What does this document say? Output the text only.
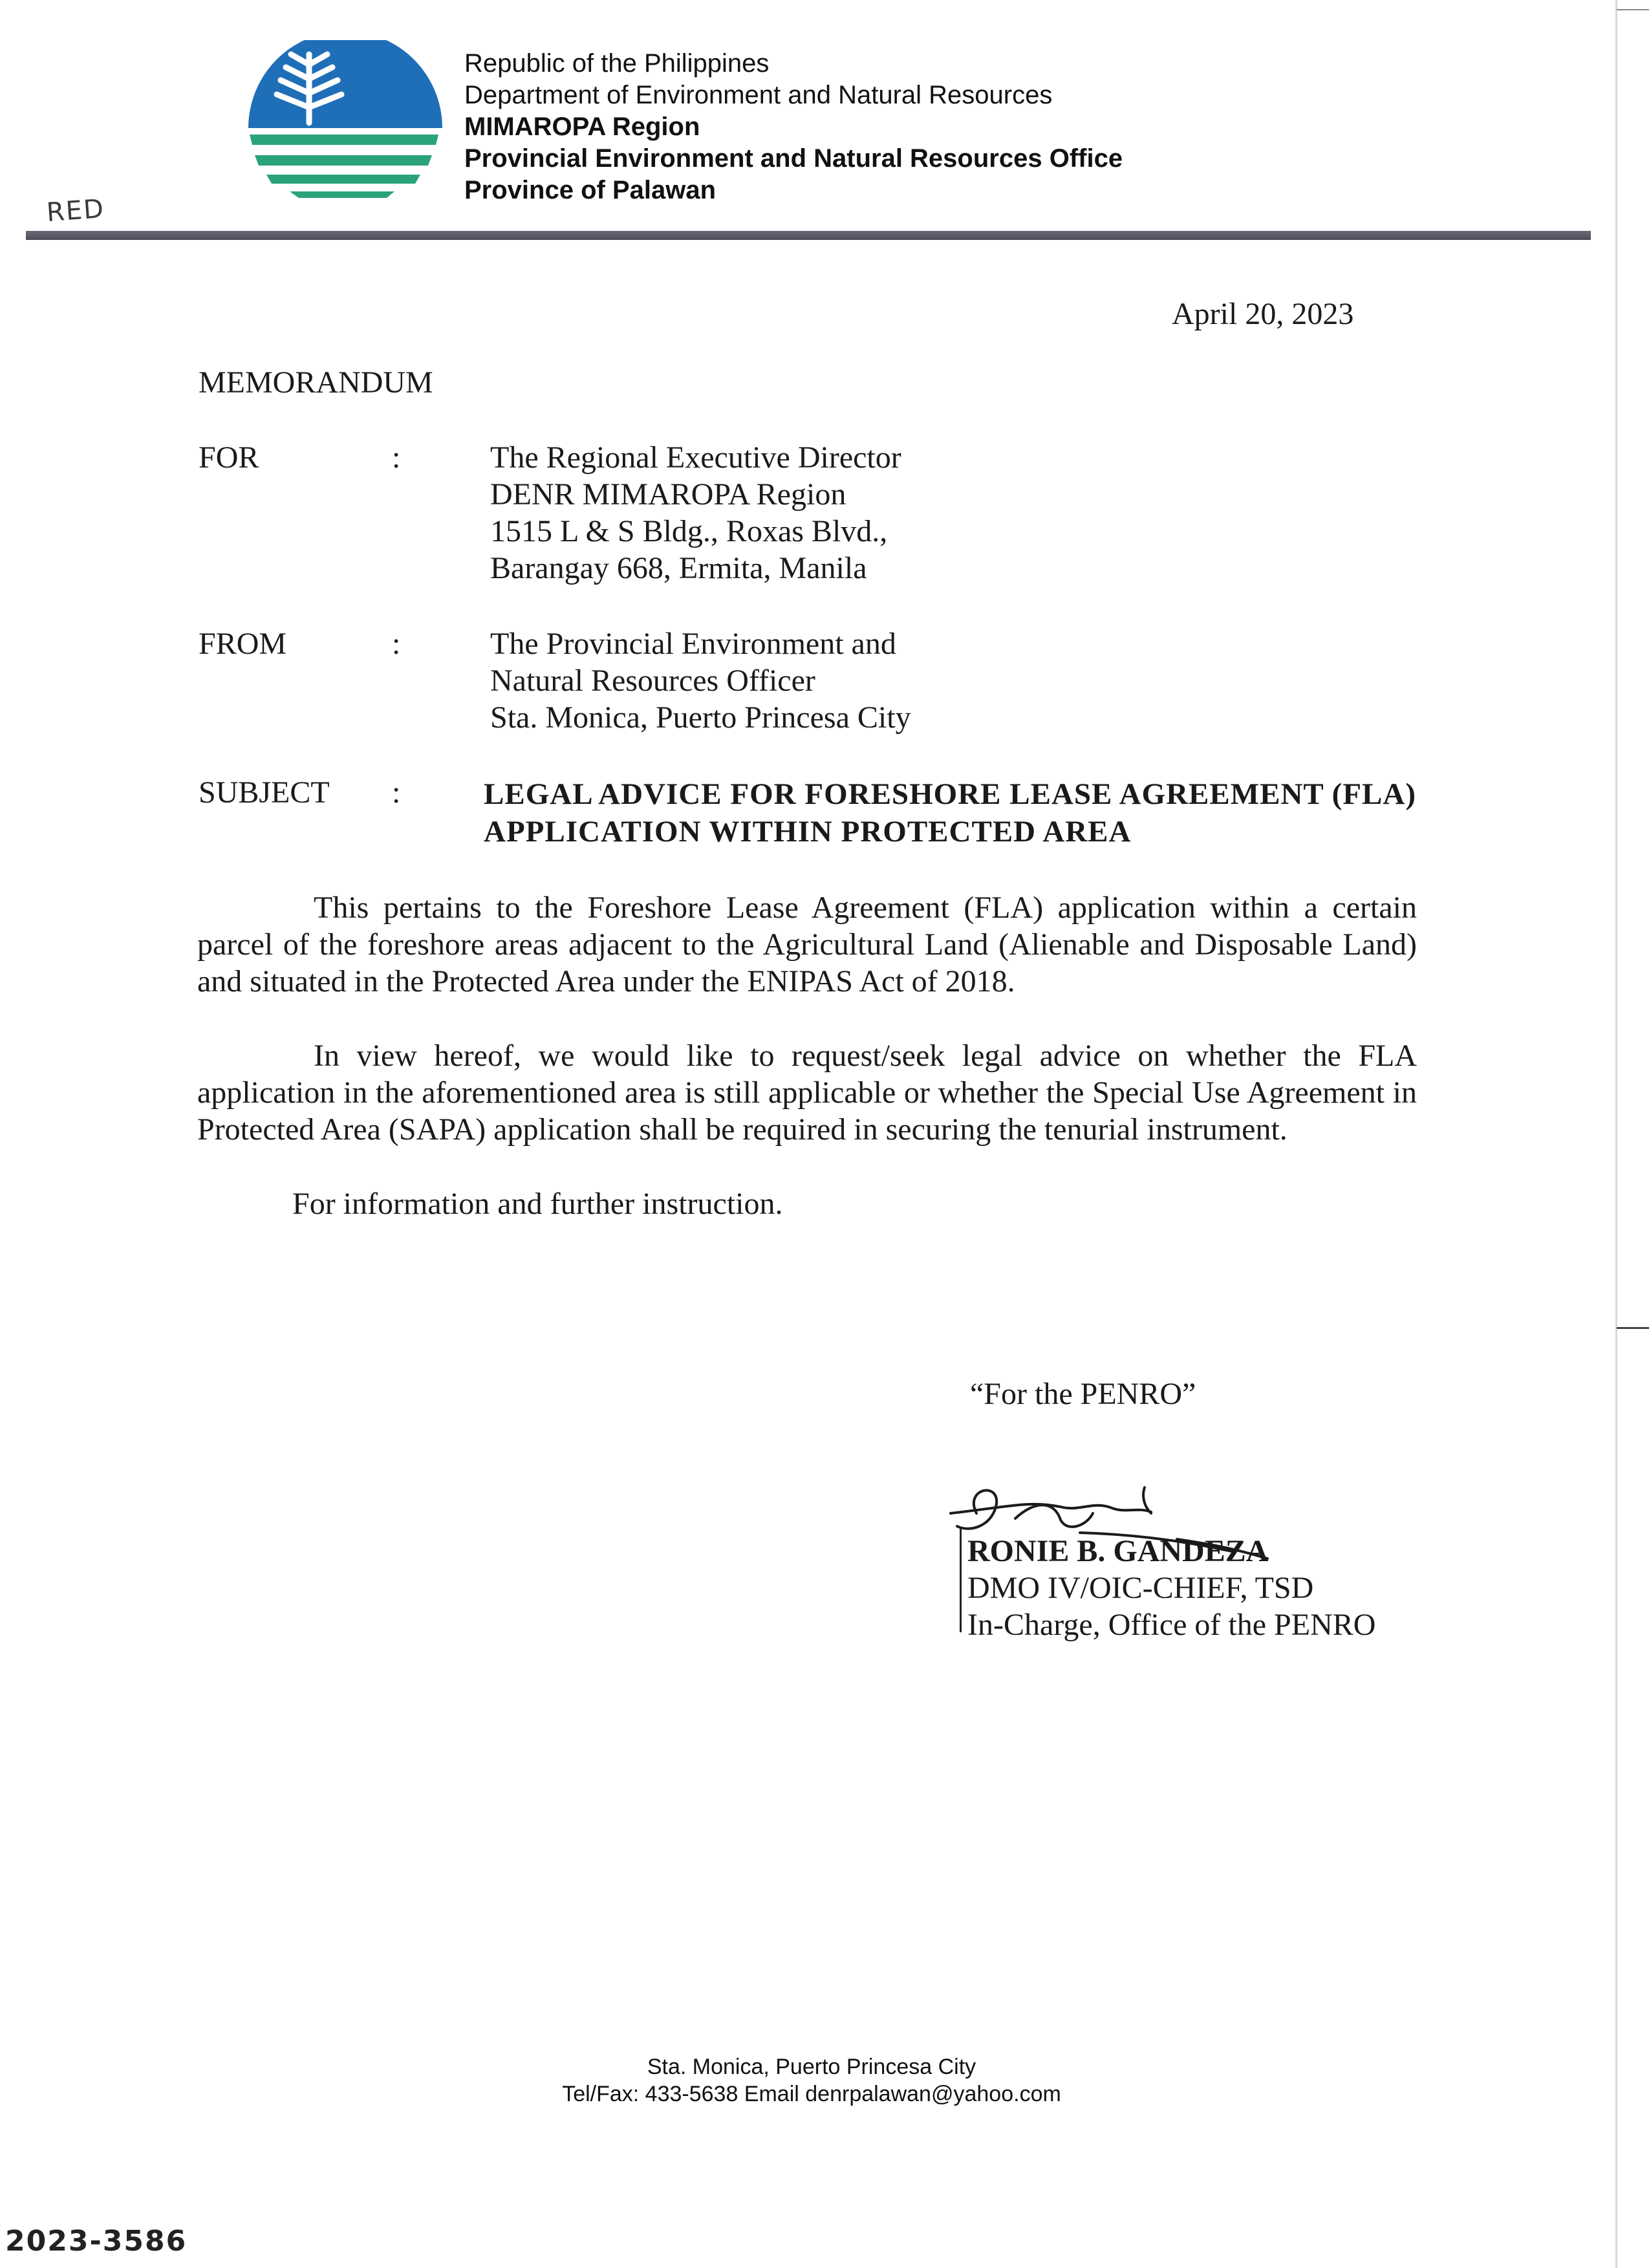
Republic of the Philippines
Department of Environment and Natural Resources
MIMAROPA Region
Provincial Environment and Natural Resources Office
Province of Palawan
RED
April 20, 2023
MEMORANDUM
FOR	:	The Regional Executive Director
DENR MIMAROPA Region
1515 L & S Bldg., Roxas Blvd.,
Barangay 668, Ermita, Manila
FROM	:	The Provincial Environment and
Natural Resources Officer
Sta. Monica, Puerto Princesa City
SUBJECT :	LEGAL ADVICE FOR FORESHORE LEASE AGREEMENT (FLA) APPLICATION WITHIN PROTECTED AREA
This pertains to the Foreshore Lease Agreement (FLA) application within a certain parcel of the foreshore areas adjacent to the Agricultural Land (Alienable and Disposable Land) and situated in the Protected Area under the ENIPAS Act of 2018.
In view hereof, we would like to request/seek legal advice on whether the FLA application in the aforementioned area is still applicable or whether the Special Use Agreement in Protected Area (SAPA) application shall be required in securing the tenurial instrument.
For information and further instruction.
“For the PENRO”
RONIE B. GANDEZA
DMO IV/OIC-CHIEF, TSD
In-Charge, Office of the PENRO
Sta. Monica, Puerto Princesa City
Tel/Fax: 433-5638 Email denrpalawan@yahoo.com
2023-3586
